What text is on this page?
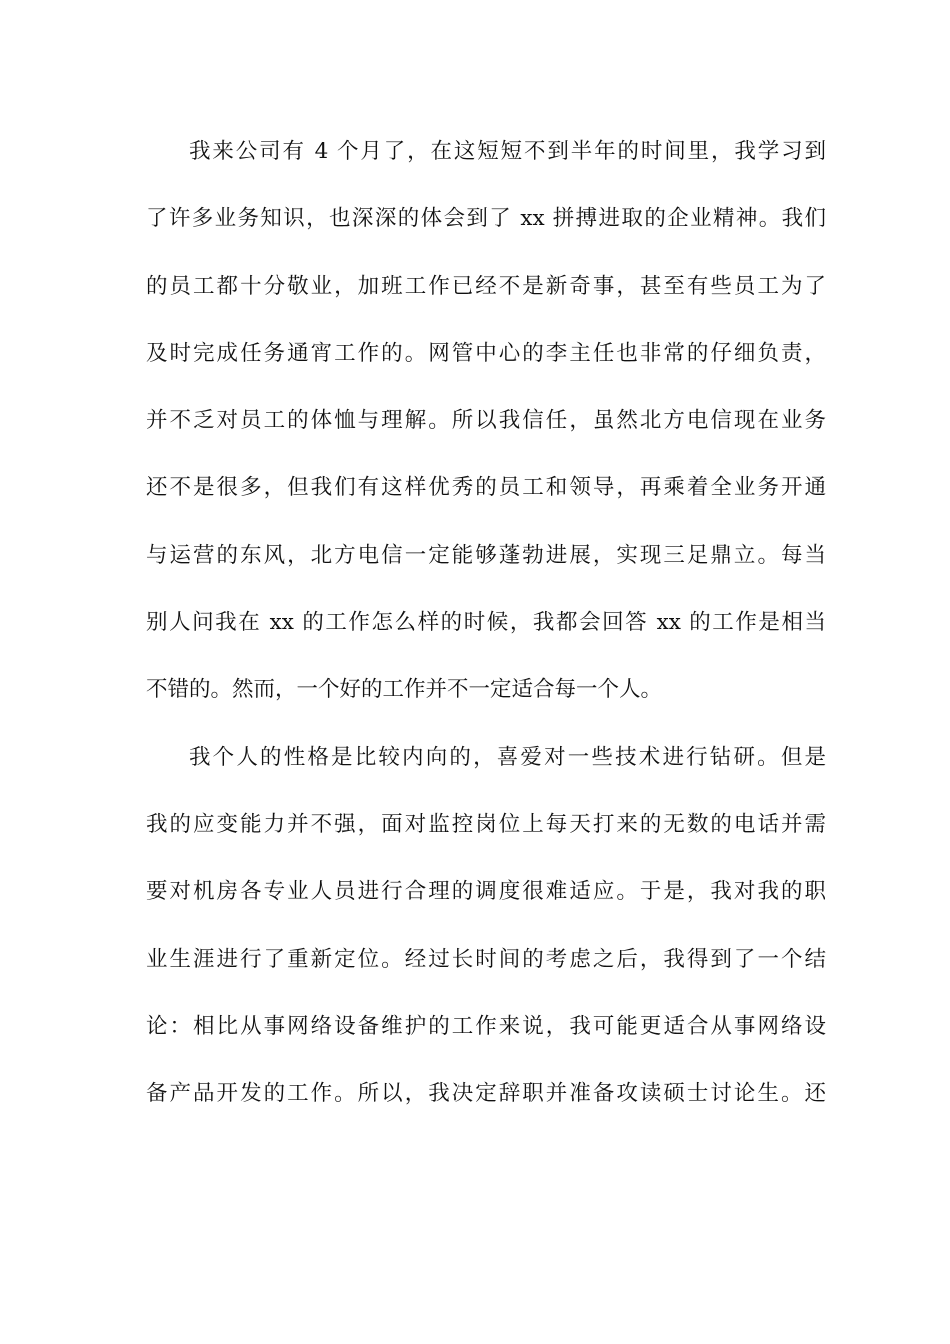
我来公司有 4 个月了，在这短短不到半年的时间里，我学习到
了许多业务知识，也深深的体会到了 xx 拼搏进取的企业精神。我们
的员工都十分敬业，加班工作已经不是新奇事，甚至有些员工为了
及时完成任务通宵工作的。网管中心的李主任也非常的仔细负责，
并不乏对员工的体恤与理解。所以我信任，虽然北方电信现在业务
还不是很多，但我们有这样优秀的员工和领导，再乘着全业务开通
与运营的东风，北方电信一定能够蓬勃进展，实现三足鼎立。每当
别人问我在 xx 的工作怎么样的时候，我都会回答 xx 的工作是相当
不错的。然而，一个好的工作并不一定适合每一个人。
我个人的性格是比较内向的，喜爱对一些技术进行钻研。但是
我的应变能力并不强，面对监控岗位上每天打来的无数的电话并需
要对机房各专业人员进行合理的调度很难适应。于是，我对我的职
业生涯进行了重新定位。经过长时间的考虑之后，我得到了一个结
论：相比从事网络设备维护的工作来说，我可能更适合从事网络设
备产品开发的工作。所以，我决定辞职并准备攻读硕士讨论生。还
